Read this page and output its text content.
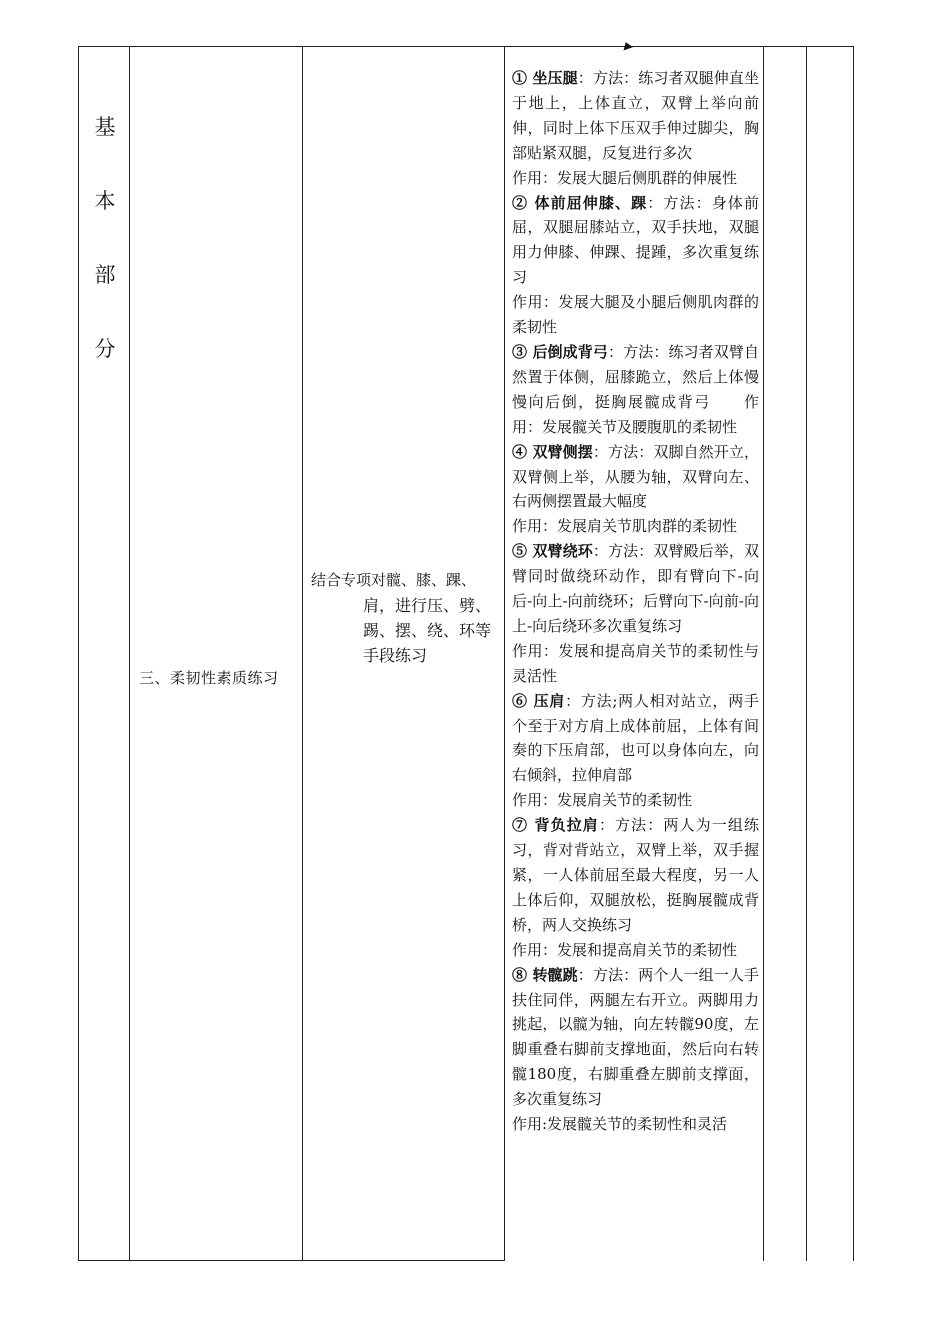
基
本
部
分
三、柔韧性素质练习
结合专项对髋、膝、踝、
肩，进行压、劈、
踢、摆、绕、环等
手段练习
① 坐压腿：方法：练习者双腿伸直坐于地上，上体直立，双臂上举向前伸，同时上体下压双手伸过脚尖，胸部贴紧双腿，反复进行多次
作用：发展大腿后侧肌群的伸展性
② 体前屈伸膝、踝：方法：身体前屈，双腿屈膝站立，双手扶地，双腿用力伸膝、伸踝、提踵，多次重复练习
作用：发展大腿及小腿后侧肌肉群的柔韧性
③ 后倒成背弓：方法：练习者双臂自然置于体侧，屈膝跪立，然后上体慢慢向后倒，挺胸展髋成背弓　　作用：发展髋关节及腰腹肌的柔韧性
④ 双臂侧摆：方法：双脚自然开立，双臂侧上举，从腰为轴，双臂向左、右两侧摆置最大幅度
作用：发展肩关节肌肉群的柔韧性
⑤ 双臂绕环：方法：双臂殿后举，双臂同时做绕环动作，即有臂向下-向后-向上-向前绕环；后臂向下-向前-向上-向后绕环多次重复练习
作用：发展和提高肩关节的柔韧性与灵活性
⑥ 压肩：方法;两人相对站立，两手个至于对方肩上成体前屈，上体有间奏的下压肩部，也可以身体向左，向右倾斜，拉伸肩部
作用：发展肩关节的柔韧性
⑦ 背负拉肩：方法：两人为一组练习，背对背站立，双臂上举，双手握紧，一人体前屈至最大程度，另一人上体后仰，双腿放松，挺胸展髋成背桥，两人交换练习
作用：发展和提高肩关节的柔韧性
⑧ 转髋跳：方法：两个人一组一人手扶住同伴，两腿左右开立。两脚用力挑起，以髋为轴，向左转髋90度，左脚重叠右脚前支撑地面，然后向右转髋180度，右脚重叠左脚前支撑面，多次重复练习
作用:发展髋关节的柔韧性和灵活
